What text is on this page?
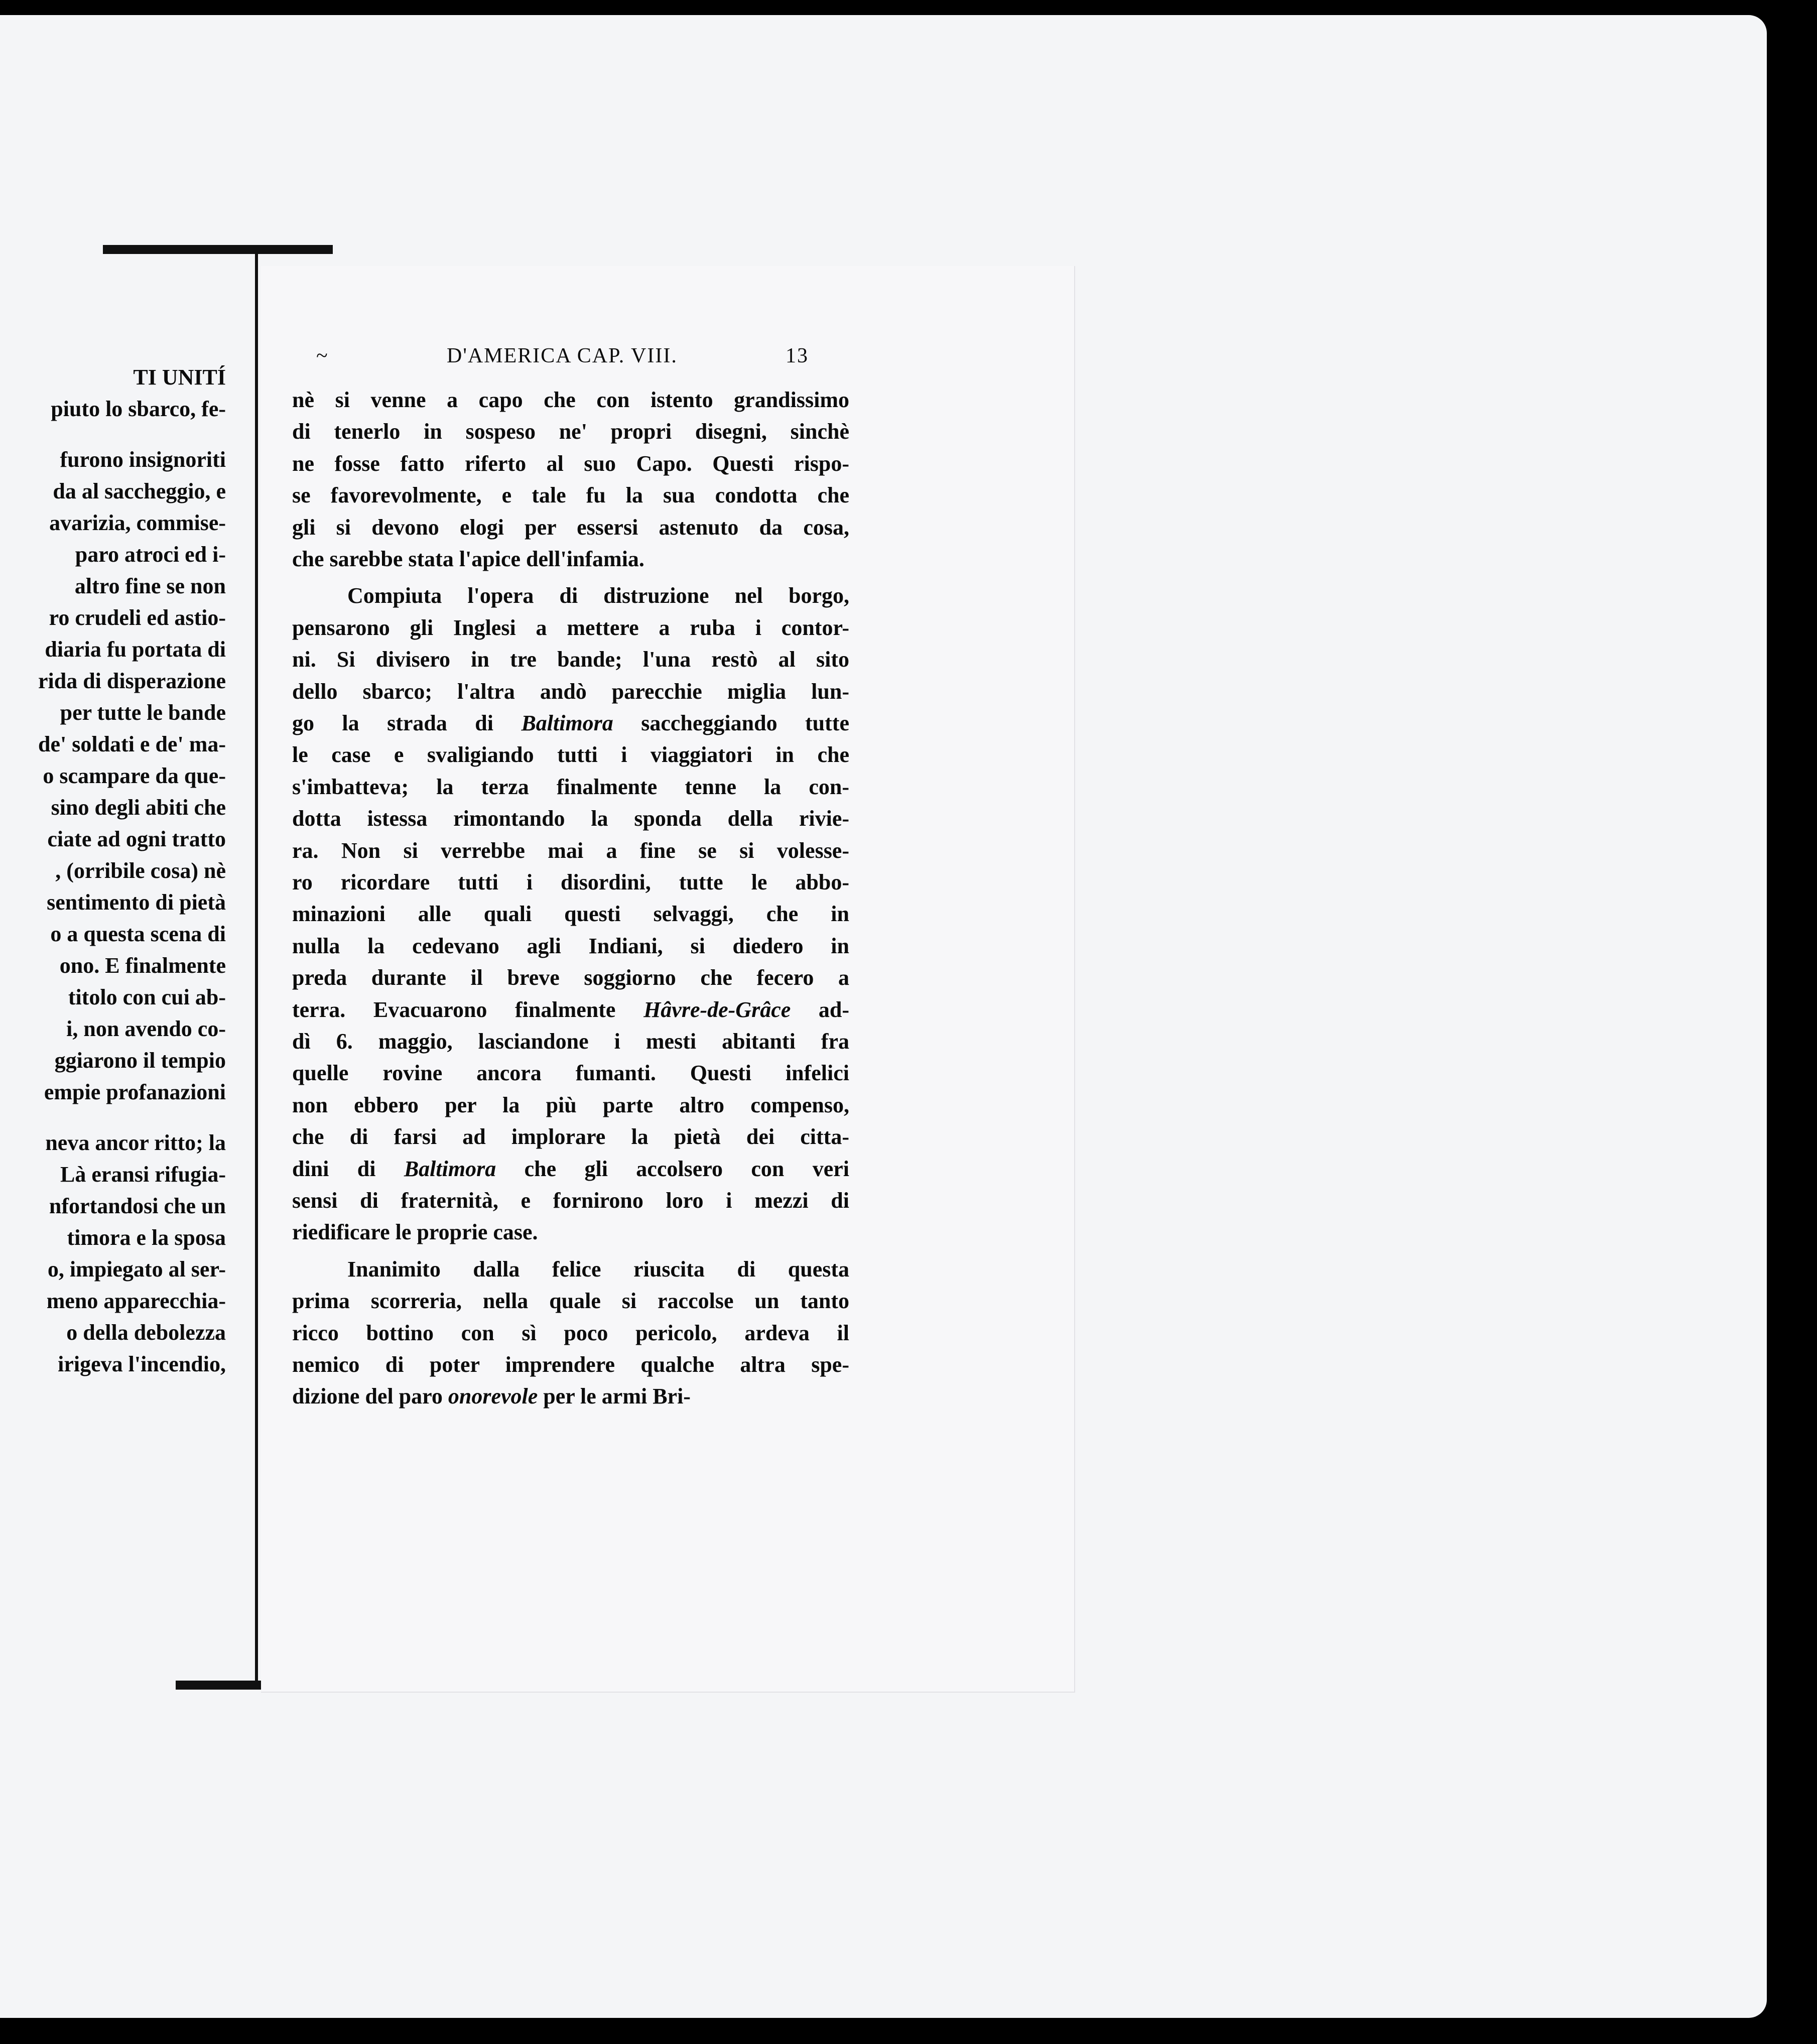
TI UNITÍ
piuto lo sbarco, fe-
furono insignoriti
da al saccheggio, e
avarizia, commise-
paro atroci ed i-
altro fine se non
ro crudeli ed astio-
diaria fu portata di
rida di disperazione
per tutte le bande
de' soldati e de' ma-
o scampare da que-
sino degli abiti che
ciate ad ogni tratto
, (orribile cosa) nè
sentimento di pietà
o a questa scena di
ono. E finalmente
titolo con cui ab-
i, non avendo co-
ggiarono il tempio
empie profanazioni
neva ancor ritto; la
Là eransi rifugia-
nfortandosi che un
timora e la sposa
o, impiegato al ser-
meno apparecchia-
o della debolezza
irigeva l'incendio,
~	D'AMERICA CAP. VIII.	13
nè si venne a capo che con istento grandissimo
di tenerlo in sospeso ne' propri disegni, sinchè
ne fosse fatto riferto al suo Capo. Questi rispo-
se favorevolmente, e tale fu la sua condotta che
gli si devono elogi per essersi astenuto da cosa,
che sarebbe stata l'apice dell'infamia.
Compiuta l'opera di distruzione nel borgo,
pensarono gli Inglesi a mettere a ruba i contor-
ni. Si divisero in tre bande; l'una restò al sito
dello sbarco; l'altra andò parecchie miglia lun-
go la strada di Baltimora saccheggiando tutte
le case e svaligiando tutti i viaggiatori in che
s'imbatteva; la terza finalmente tenne la con-
dotta istessa rimontando la sponda della rivie-
ra. Non si verrebbe mai a fine se si volesse-
ro ricordare tutti i disordini, tutte le abbo-
minazioni alle quali questi selvaggi, che in
nulla la cedevano agli Indiani, si diedero in
preda durante il breve soggiorno che fecero a
terra. Evacuarono finalmente Hâvre-de-Grâce ad-
dì 6. maggio, lasciandone i mesti abitanti fra
quelle rovine ancora fumanti. Questi infelici
non ebbero per la più parte altro compenso,
che di farsi ad implorare la pietà dei citta-
dini di Baltimora che gli accolsero con veri
sensi di fraternità, e fornirono loro i mezzi di
riedificare le proprie case.
Inanimito dalla felice riuscita di questa
prima scorreria, nella quale si raccolse un tanto
ricco bottino con sì poco pericolo, ardeva il
nemico di poter imprendere qualche altra spe-
dizione del paro onorevole per le armi Bri-
